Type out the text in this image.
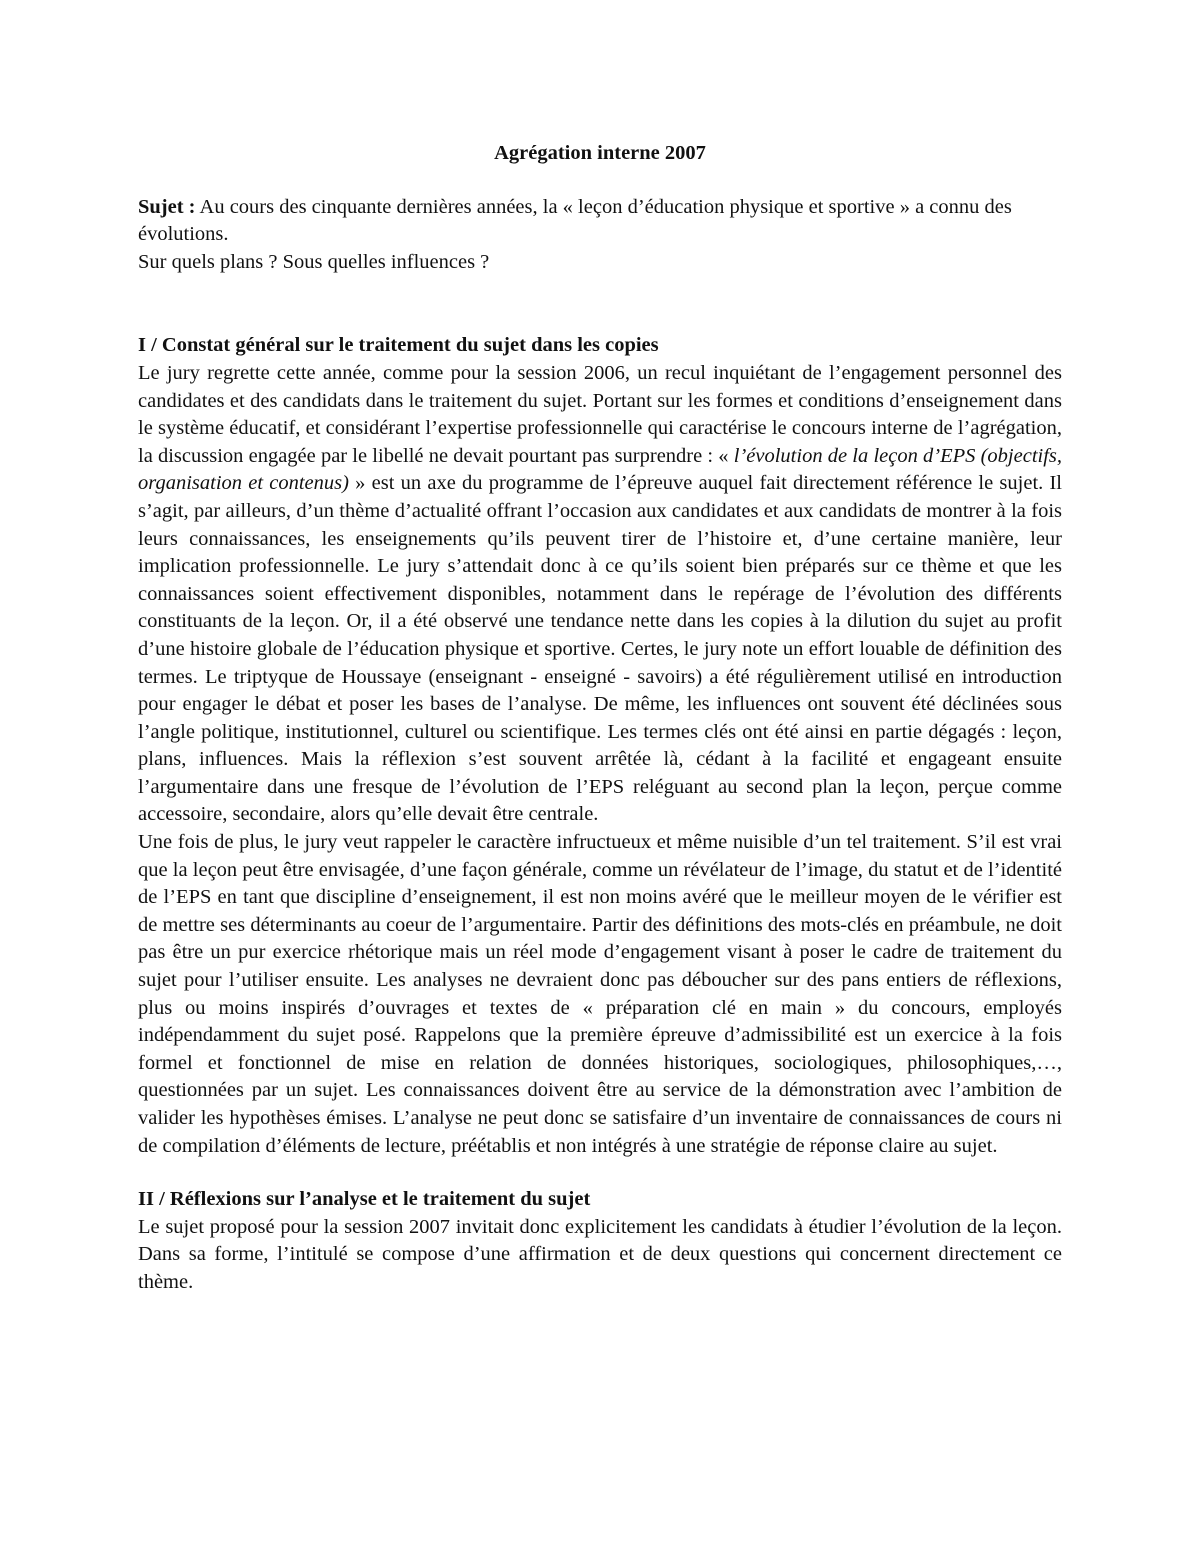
Agrégation interne 2007

Sujet : Au cours des cinquante dernières années, la « leçon d’éducation physique et sportive » a connu des évolutions.

Sur quels plans ? Sous quelles influences ?

I / Constat général sur le traitement du sujet dans les copies

Le jury regrette cette année, comme pour la session 2006, un recul inquiétant de l’engagement personnel des candidates et des candidats dans le traitement du sujet. Portant sur les formes et conditions d’enseignement dans le système éducatif, et considérant l’expertise professionnelle qui caractérise le concours interne de l’agrégation, la discussion engagée par le libellé ne devait pourtant pas surprendre : « l’évolution de la leçon d’EPS (objectifs, organisation et contenus) » est un axe du programme de l’épreuve auquel fait directement référence le sujet. Il s’agit, par ailleurs, d’un thème d’actualité offrant l’occasion aux candidates et aux candidats de montrer à la fois leurs connaissances, les enseignements qu’ils peuvent tirer de l’histoire et, d’une certaine manière, leur implication professionnelle. Le jury s’attendait donc à ce qu’ils soient bien préparés sur ce thème et que les connaissances soient effectivement disponibles, notamment dans le repérage de l’évolution des différents constituants de la leçon. Or, il a été observé une tendance nette dans les copies à la dilution du sujet au profit d’une histoire globale de l’éducation physique et sportive. Certes, le jury note un effort louable de définition des termes. Le triptyque de Houssaye (enseignant - enseigné - savoirs) a été régulièrement utilisé en introduction pour engager le débat et poser les bases de l’analyse. De même, les influences ont souvent été déclinées sous l’angle politique, institutionnel, culturel ou scientifique. Les termes clés ont été ainsi en partie dégagés : leçon, plans, influences. Mais la réflexion s’est souvent arrêtée là, cédant à la facilité et engageant ensuite l’argumentaire dans une fresque de l’évolution de l’EPS reléguant au second plan la leçon, perçue comme accessoire, secondaire, alors qu’elle devait être centrale.

Une fois de plus, le jury veut rappeler le caractère infructueux et même nuisible d’un tel traitement. S’il est vrai que la leçon peut être envisagée, d’une façon générale, comme un révélateur de l’image, du statut et de l’identité de l’EPS en tant que discipline d’enseignement, il est non moins avéré que le meilleur moyen de le vérifier est de mettre ses déterminants au coeur de l’argumentaire. Partir des définitions des mots-clés en préambule, ne doit pas être un pur exercice rhétorique mais un réel mode d’engagement visant à poser le cadre de traitement du sujet pour l’utiliser ensuite. Les analyses ne devraient donc pas déboucher sur des pans entiers de réflexions, plus ou moins inspirés d’ouvrages et textes de « préparation clé en main » du concours, employés indépendamment du sujet posé. Rappelons que la première épreuve d’admissibilité est un exercice à la fois formel et fonctionnel de mise en relation de données historiques, sociologiques, philosophiques,…, questionnées par un sujet. Les connaissances doivent être au service de la démonstration avec l’ambition de valider les hypothèses émises. L’analyse ne peut donc se satisfaire d’un inventaire de connaissances de cours ni de compilation d’éléments de lecture, préétablis et non intégrés à une stratégie de réponse claire au sujet.

II / Réflexions sur l’analyse et le traitement du sujet

Le sujet proposé pour la session 2007 invitait donc explicitement les candidats à étudier l’évolution de la leçon. Dans sa forme, l’intitulé se compose d’une affirmation et de deux questions qui concernent directement ce thème.
